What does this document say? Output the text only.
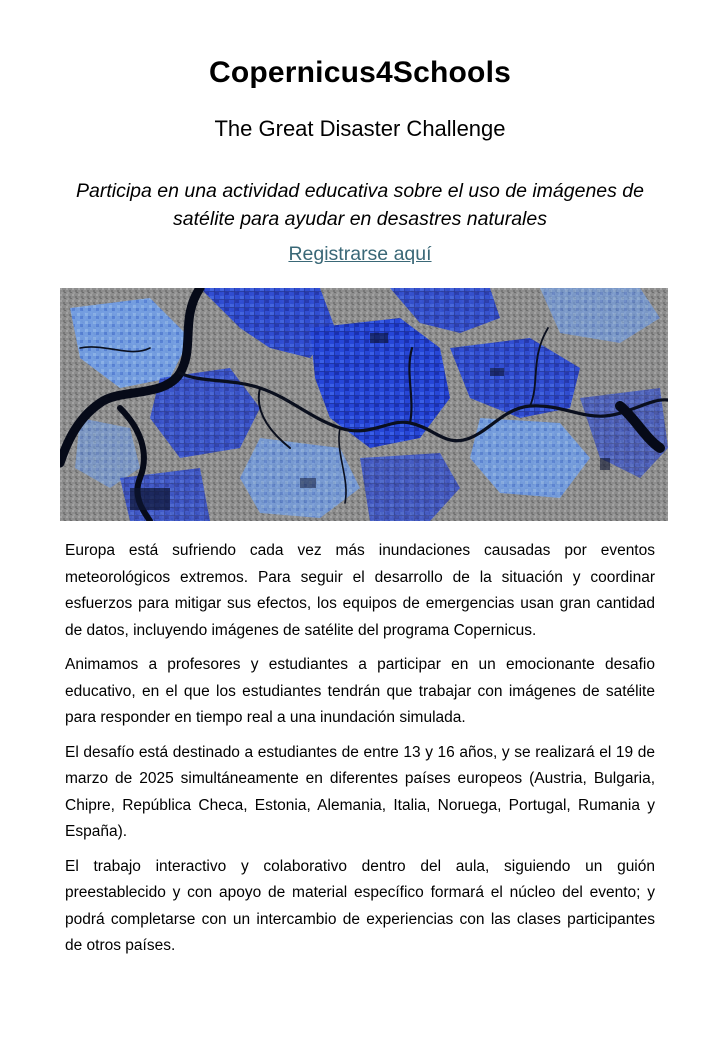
Copernicus4Schools
The Great Disaster Challenge
Participa en una actividad educativa sobre el uso de imágenes de satélite para ayudar en desastres naturales
Registrarse aquí

Europa está sufriendo cada vez más inundaciones causadas por eventos meteorológicos extremos. Para seguir el desarrollo de la situación y coordinar esfuerzos para mitigar sus efectos, los equipos de emergencias usan gran cantidad de datos, incluyendo imágenes de satélite del programa Copernicus.

Animamos a profesores y estudiantes a participar en un emocionante desafio educativo, en el que los estudiantes tendrán que trabajar con imágenes de satélite para responder en tiempo real a una inundación simulada.

El desafío está destinado a estudiantes de entre 13 y 16 años, y se realizará el 19 de marzo de 2025 simultáneamente en diferentes países europeos (Austria, Bulgaria, Chipre, República Checa, Estonia, Alemania, Italia, Noruega, Portugal, Rumania y España).

El trabajo interactivo y colaborativo dentro del aula, siguiendo un guión preestablecido y con apoyo de material específico formará el núcleo del evento; y podrá completarse con un intercambio de experiencias con las clases participantes de otros países.
